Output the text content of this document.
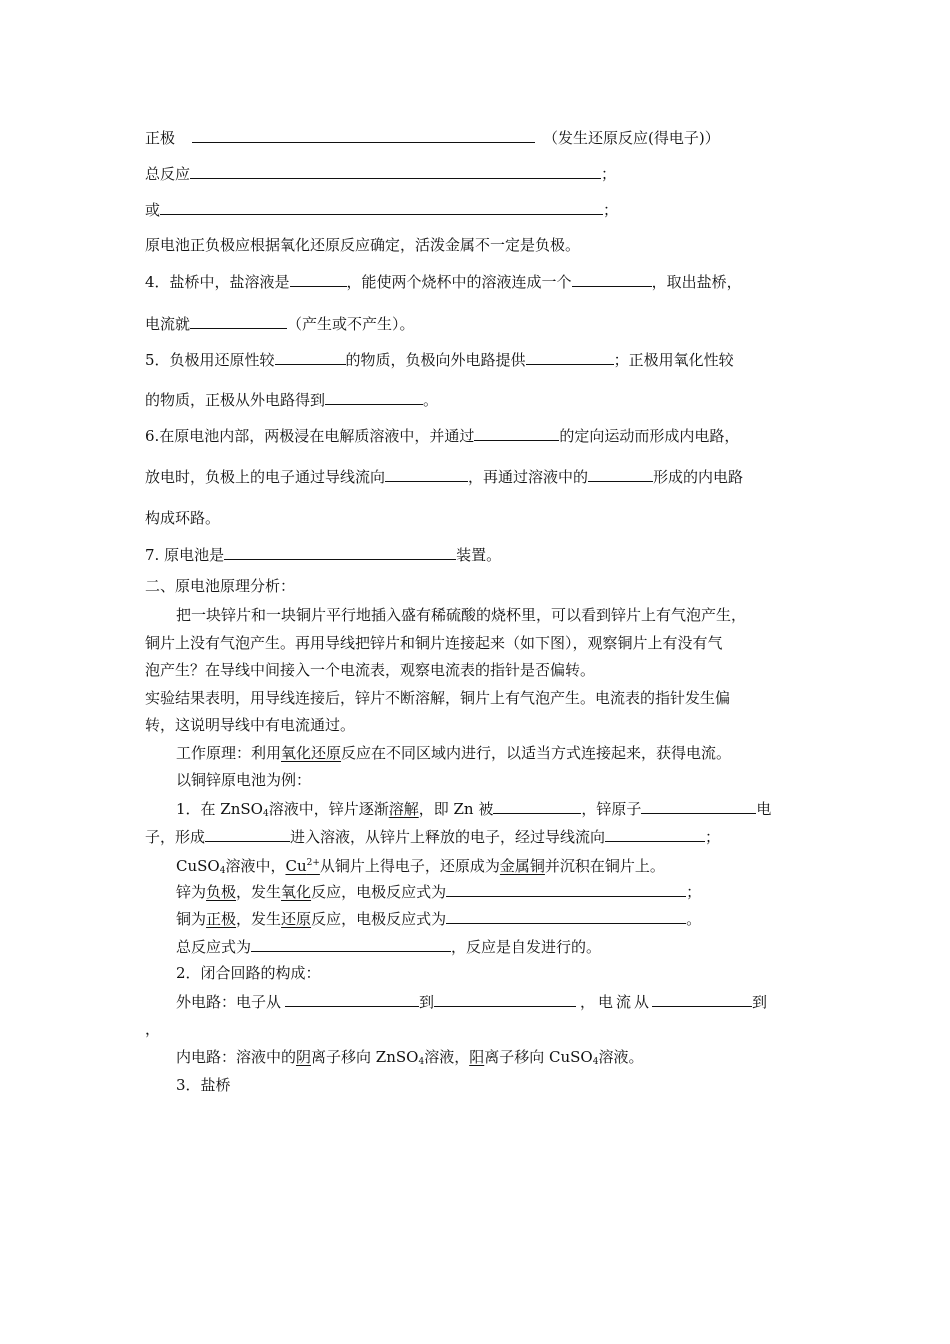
正极	（发生还原反应(得电子)）
总反应	；
或	；
原电池正负极应根据氧化还原反应确定，活泼金属不一定是负极。
4．盐桥中，盐溶液是	，能使两个烧杯中的溶液连成一个	，取出盐桥，
电流就	（产生或不产生）。
5．负极用还原性较	的物质，负极向外电路提供	；正极用氧化性较
的物质，正极从外电路得到	。
6.在原电池内部，两极浸在电解质溶液中，并通过	的定向运动而形成内电路，
放电时，负极上的电子通过导线流向	，再通过溶液中的	形成的内电路
构成环路。
7. 原电池是	装置。
二、原电池原理分析：
把一块锌片和一块铜片平行地插入盛有稀硫酸的烧杯里，可以看到锌片上有气泡产生，
铜片上没有气泡产生。再用导线把锌片和铜片连接起来（如下图），观察铜片上有没有气
泡产生？在导线中间接入一个电流表，观察电流表的指针是否偏转。
实验结果表明，用导线连接后，锌片不断溶解，铜片上有气泡产生。电流表的指针发生偏
转，这说明导线中有电流通过。
工作原理：利用氧化还原反应在不同区域内进行，以适当方式连接起来，获得电流。
以铜锌原电池为例：
1．在 ZnSO$_4$溶液中，锌片逐渐溶解，即 Zn 被	，锌原子	电
子，形成	进入溶液，从锌片上释放的电子，经过导线流向	；
CuSO$_4$溶液中，$Cu^{2+}$从铜片上得电子，还原成为金属铜并沉积在铜片上。
锌为负极，发生氧化反应，电极反应式为	；
铜为正极，发生还原反应，电极反应式为	。
总反应式为	，反应是自发进行的。
2．闭合回路的构成：
外电路：电子从	到	，电流从	到
，
内电路：溶液中的阴离子移向 ZnSO$_4$溶液，阳离子移向 CuSO$_4$溶液。
3．盐桥
